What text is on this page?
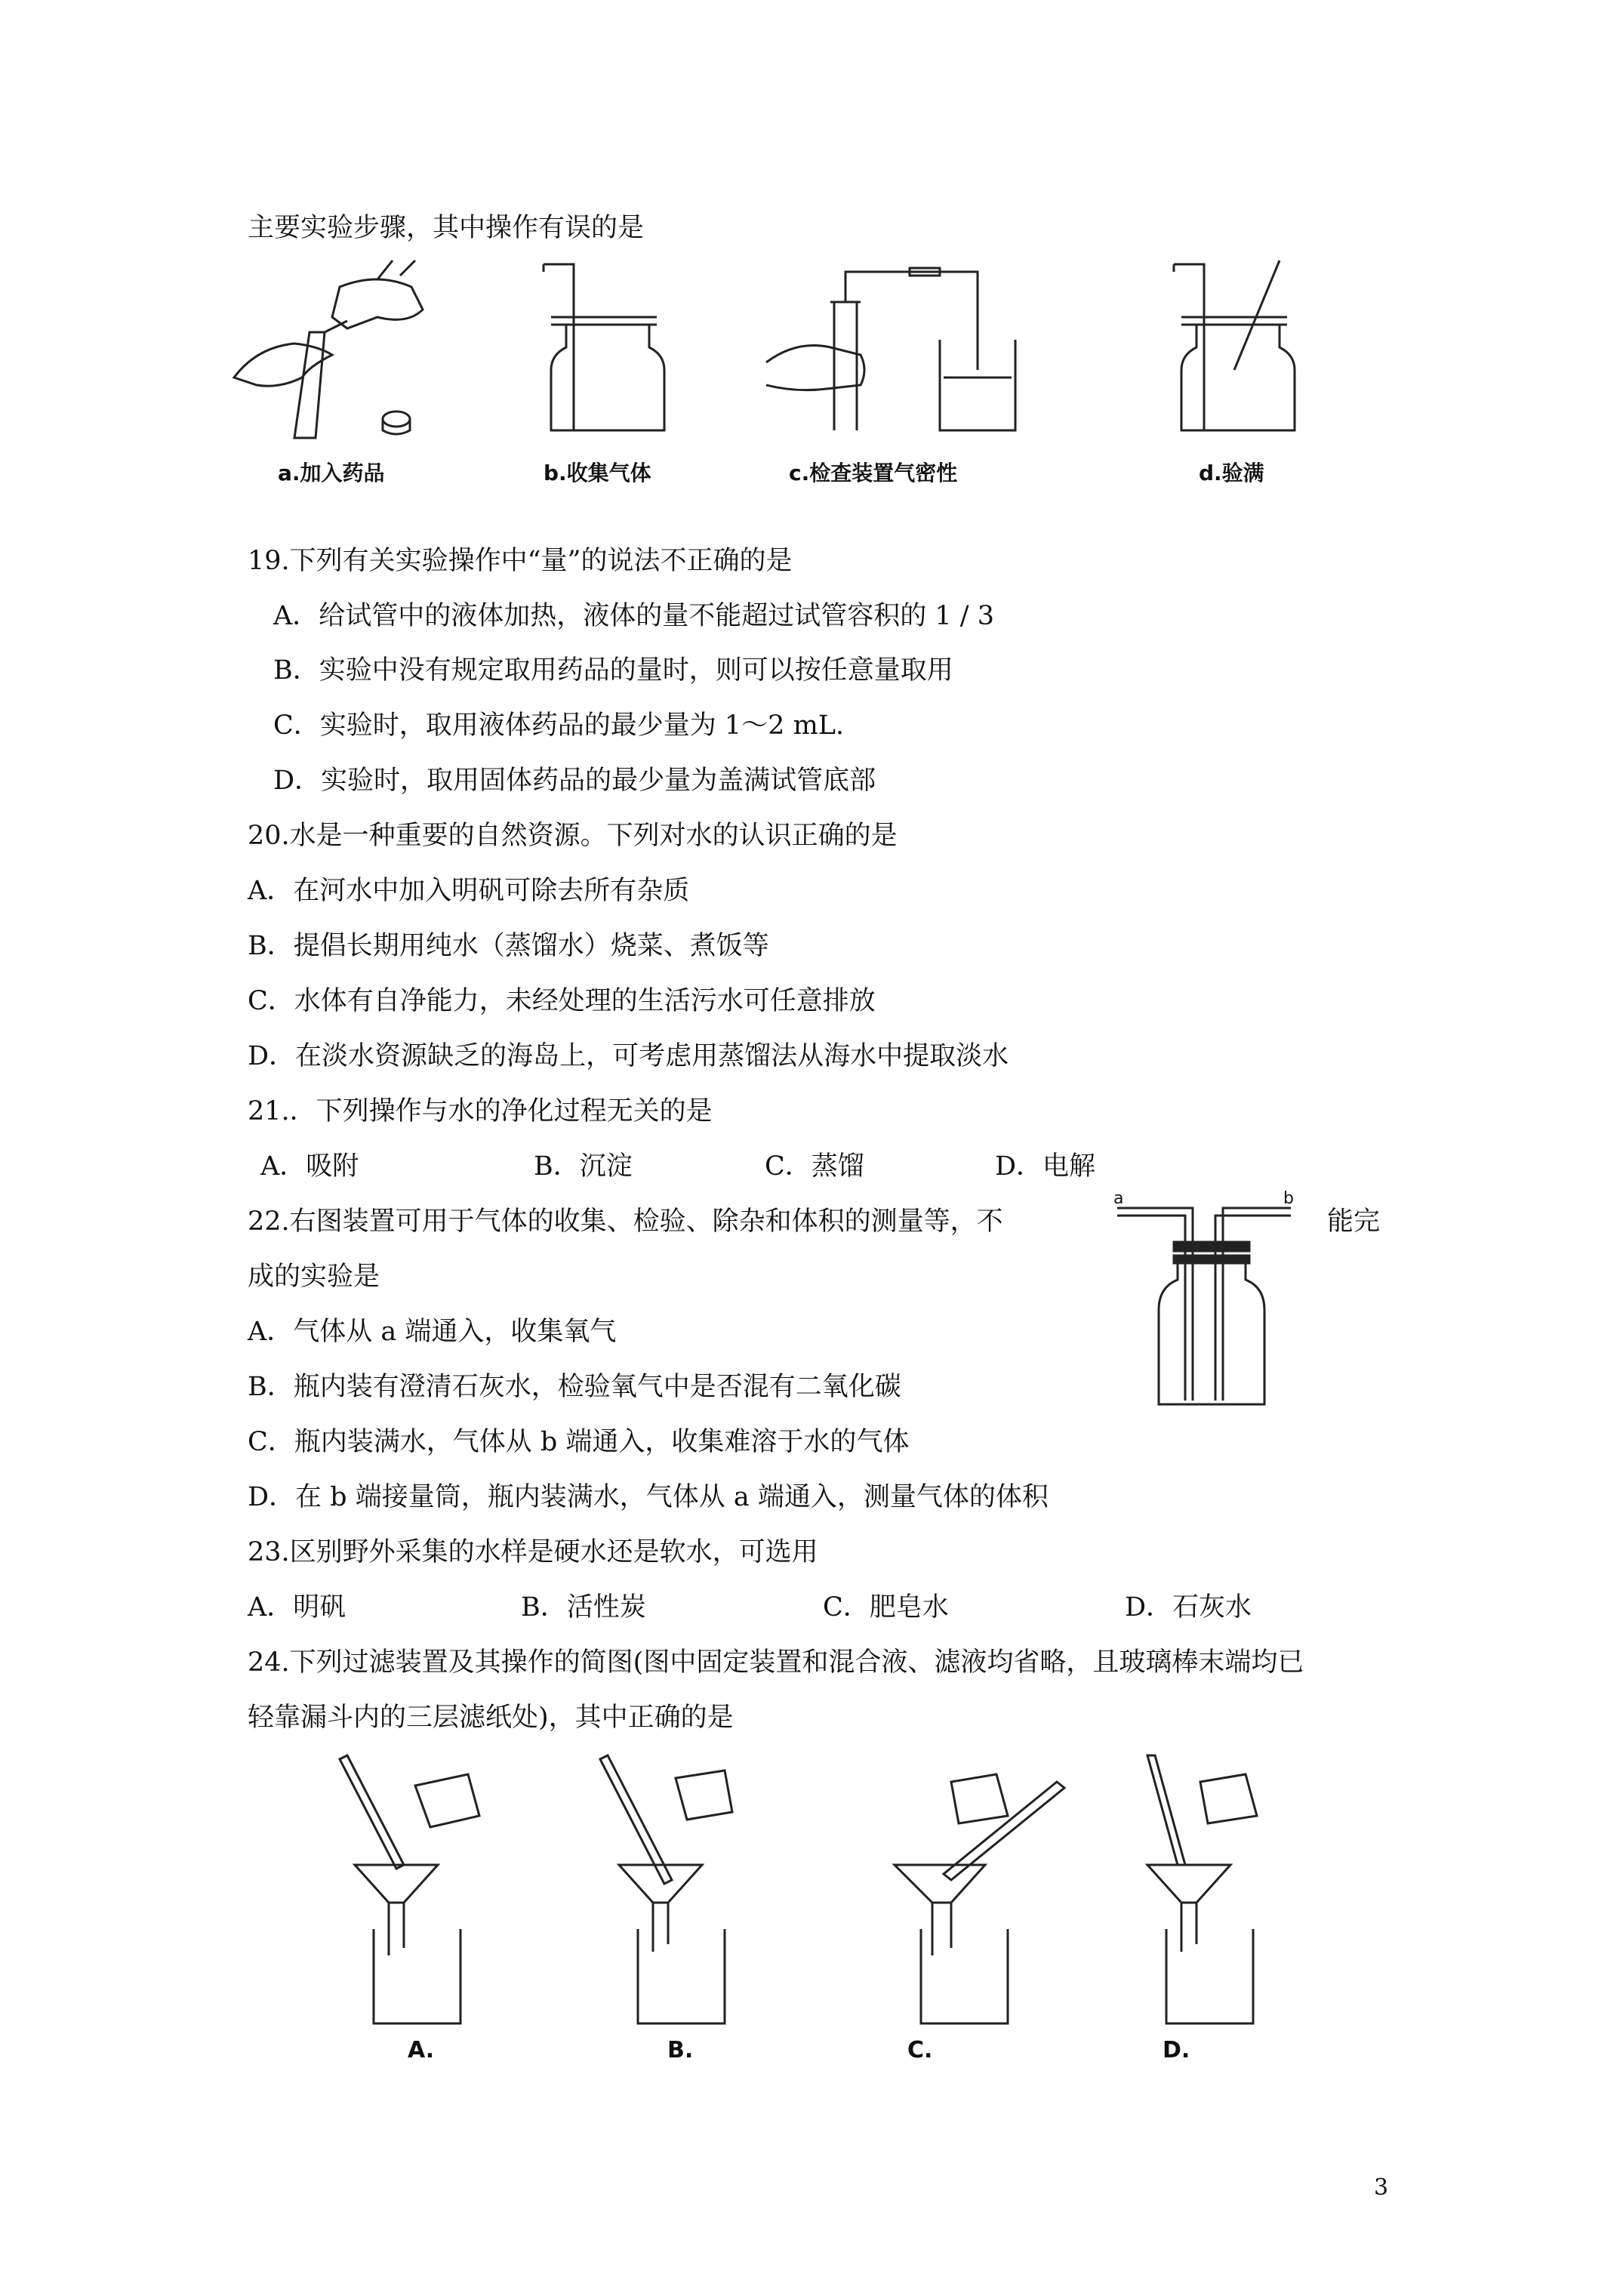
主要实验步骤，其中操作有误的是
a.加入药品	b.收集气体	c.检查装置气密性	d.验满
19.下列有关实验操作中“量”的说法不正确的是
A．给试管中的液体加热，液体的量不能超过试管容积的 1 / 3
B．实验中没有规定取用药品的量时，则可以按任意量取用
C．实验时，取用液体药品的最少量为 1～2 mL.
D．实验时，取用固体药品的最少量为盖满试管底部
20.水是一种重要的自然资源。下列对水的认识正确的是
A．在河水中加入明矾可除去所有杂质
B．提倡长期用纯水（蒸馏水）烧菜、煮饭等
C．水体有自净能力，未经处理的生活污水可任意排放
D．在淡水资源缺乏的海岛上，可考虑用蒸馏法从海水中提取淡水
21.．下列操作与水的净化过程无关的是
A．吸附	B．沉淀	C．蒸馏	D．电解
22.右图装置可用于气体的收集、检验、除杂和体积的测量等，不	能完
成的实验是
a	b
A．气体从 a 端通入，收集氧气
B．瓶内装有澄清石灰水，检验氧气中是否混有二氧化碳
C．瓶内装满水，气体从 b 端通入，收集难溶于水的气体
D．在 b 端接量筒，瓶内装满水，气体从 a 端通入，测量气体的体积
23.区别野外采集的水样是硬水还是软水，可选用
A．明矾	B．活性炭	C．肥皂水	D．石灰水
24.下列过滤装置及其操作的简图(图中固定装置和混合液、滤液均省略，且玻璃棒末端均已
轻靠漏斗内的三层滤纸处)，其中正确的是
A.	B.	C.	D.
3
